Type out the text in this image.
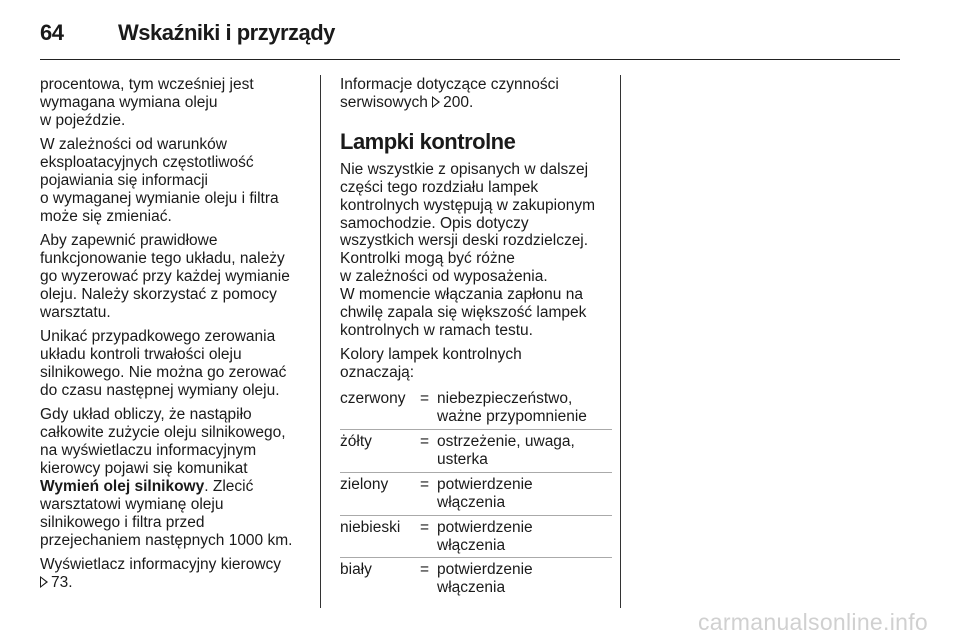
64 Wskaźniki i przyrządy

procentowa, tym wcześniej jest
wymagana wymiana oleju
w pojeździe.

W zależności od warunków
eksploatacyjnych częstotliwość
pojawiania się informacji
o wymaganej wymianie oleju i filtra
może się zmieniać.

Aby zapewnić prawidłowe
funkcjonowanie tego układu, należy
go wyzerować przy każdej wymianie
oleju. Należy skorzystać z pomocy
warsztatu.

Unikać przypadkowego zerowania
układu kontroli trwałości oleju
silnikowego. Nie można go zerować
do czasu następnej wymiany oleju.

Gdy układ obliczy, że nastąpiło
całkowite zużycie oleju silnikowego,
na wyświetlaczu informacyjnym
kierowcy pojawi się komunikat
Wymień olej silnikowy. Zlecić
warsztatowi wymianę oleju
silnikowego i filtra przed
przejechaniem następnych 1000 km.

Wyświetlacz informacyjny kierowcy
73.

Informacje dotyczące czynności
serwisowych 200.

Lampki kontrolne

Nie wszystkie z opisanych w dalszej
części tego rozdziału lampek
kontrolnych występują w zakupionym
samochodzie. Opis dotyczy
wszystkich wersji deski rozdzielczej.
Kontrolki mogą być różne
w zależności od wyposażenia.
W momencie włączania zapłonu na
chwilę zapala się większość lampek
kontrolnych w ramach testu.

Kolory lampek kontrolnych
oznaczają:

czerwony = niebezpieczeństwo,
ważne przypomnienie
żółty	= ostrzeżenie, uwaga,
usterka
zielony	= potwierdzenie
włączenia
niebieski	= potwierdzenie
włączenia
biały	= potwierdzenie
włączenia
carmanualsonline.info
